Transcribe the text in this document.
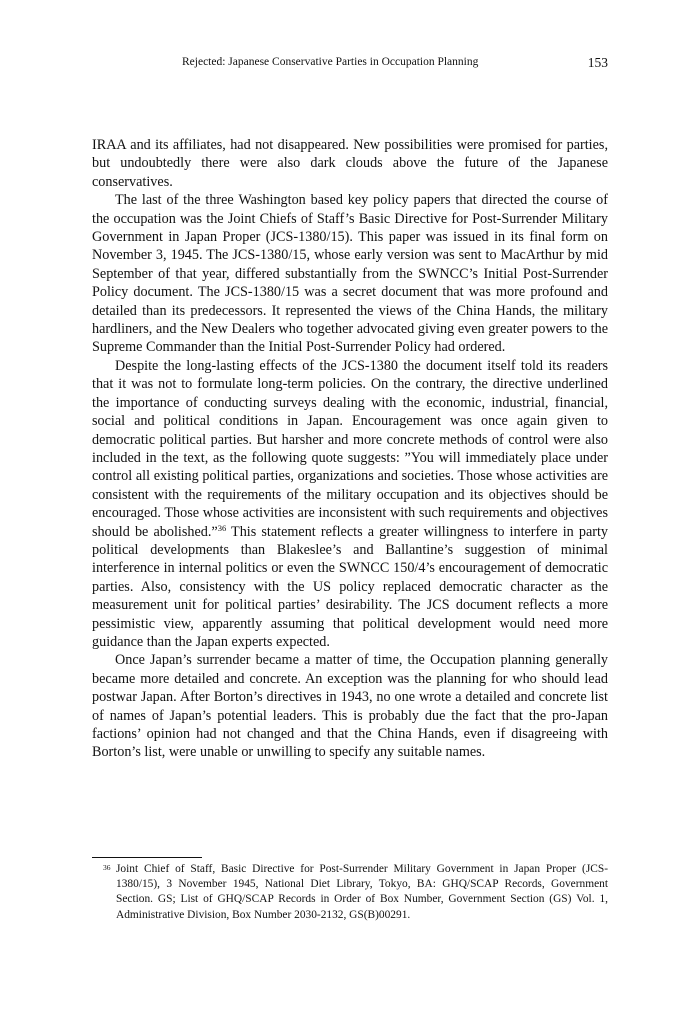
Rejected: Japanese Conservative Parties in Occupation Planning	153

IRAA and its affiliates, had not disappeared. New possibilities were promised for parties, but undoubtedly there were also dark clouds above the future of the Japanese conservatives.

The last of the three Washington based key policy papers that directed the course of the occupation was the Joint Chiefs of Staff’s Basic Directive for Post-Surrender Military Government in Japan Proper (JCS-1380/15). This paper was issued in its final form on November 3, 1945. The JCS-1380/15, whose early version was sent to MacArthur by mid September of that year, differed substantially from the SWNCC’s Initial Post-Surrender Policy document. The JCS-1380/15 was a secret document that was more profound and detailed than its predecessors. It represented the views of the China Hands, the military hardliners, and the New Dealers who together advocated giving even greater powers to the Supreme Commander than the Initial Post-Surrender Policy had ordered.

Despite the long-lasting effects of the JCS-1380 the document itself told its readers that it was not to formulate long-term policies. On the contrary, the directive underlined the importance of conducting surveys dealing with the economic, industrial, financial, social and political conditions in Japan. Encouragement was once again given to democratic political parties. But harsher and more concrete methods of control were also included in the text, as the following quote suggests: ”You will immediately place under control all existing political parties, organizations and societies. Those whose activities are consistent with the requirements of the military occupation and its objectives should be encouraged. Those whose activities are inconsistent with such requirements and objectives should be abolished.”$^{36}$ This statement reflects a greater willingness to interfere in party political developments than Blakeslee’s and Ballantine’s suggestion of minimal interference in internal politics or even the SWNCC 150/4’s encouragement of democratic parties. Also, consistency with the US policy replaced democratic character as the measurement unit for political parties’ desirability. The JCS document reflects a more pessimistic view, apparently assuming that political development would need more guidance than the Japan experts expected.

Once Japan’s surrender became a matter of time, the Occupation planning generally became more detailed and concrete. An exception was the planning for who should lead postwar Japan. After Borton’s directives in 1943, no one wrote a detailed and concrete list of names of Japan’s potential leaders. This is probably due the fact that the pro-Japan factions’ opinion had not changed and that the China Hands, even if disagreeing with Borton’s list, were unable or unwilling to specify any suitable names.

36 Joint Chief of Staff, Basic Directive for Post-Surrender Military Government in Japan Proper (JCS-1380/15), 3 November 1945, National Diet Library, Tokyo, BA: GHQ/SCAP Records, Government Section. GS; List of GHQ/SCAP Records in Order of Box Number, Government Section (GS) Vol. 1, Administrative Division, Box Number 2030-2132, GS(B)00291.
